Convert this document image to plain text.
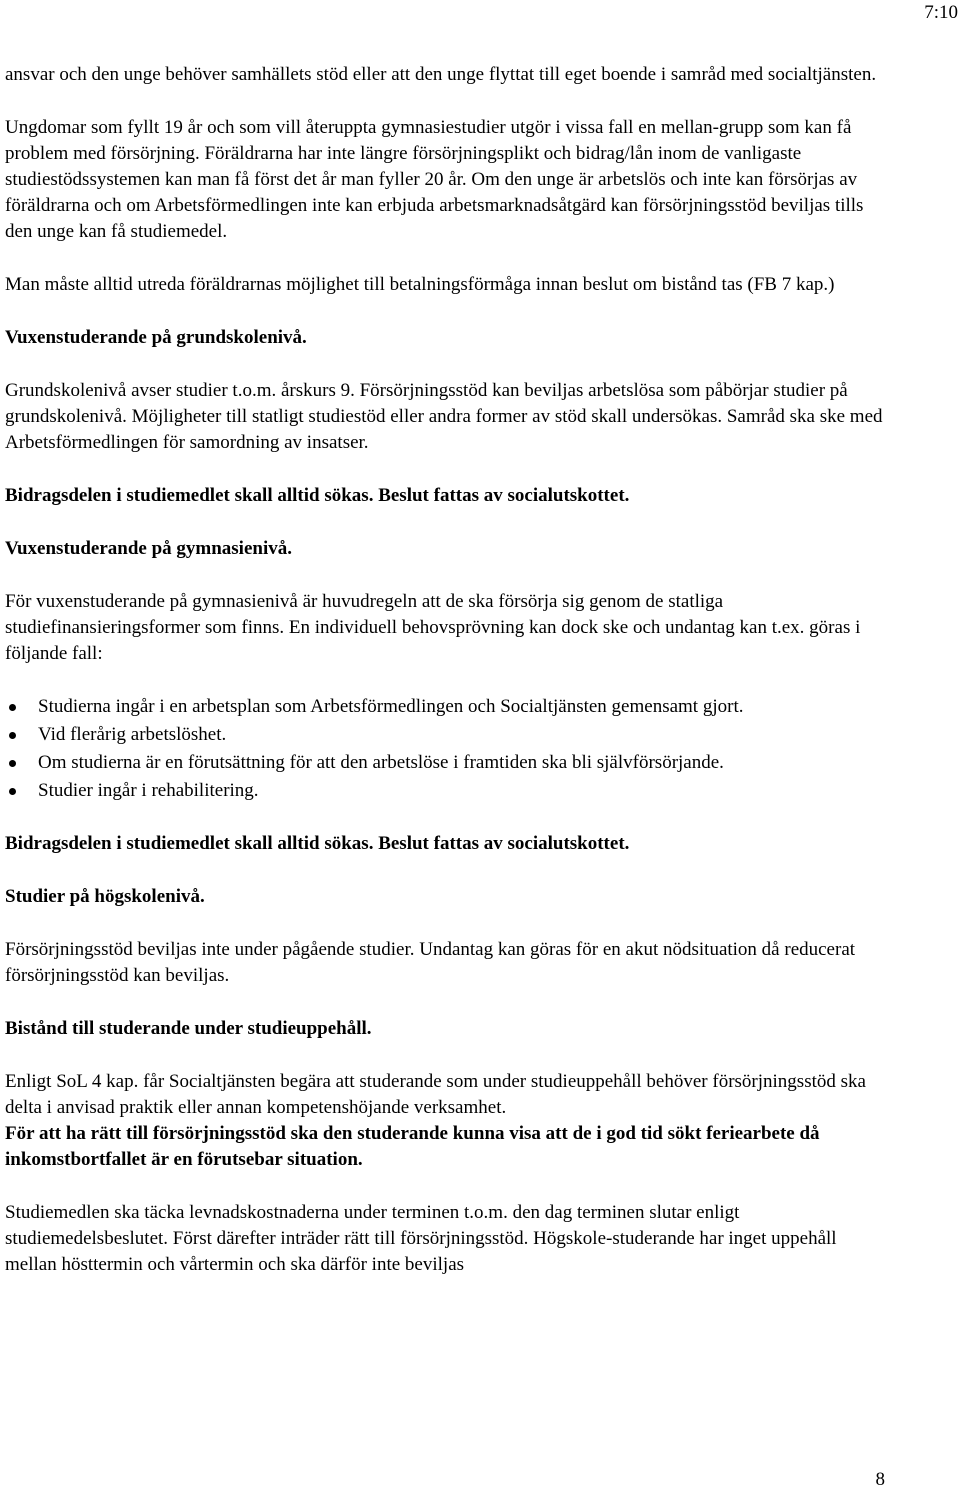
7:10

ansvar och den unge behöver samhällets stöd eller att den unge flyttat till eget boende i samråd med socialtjänsten.

Ungdomar som fyllt 19 år och som vill återuppta gymnasiestudier utgör i vissa fall en mellan-grupp som kan få problem med försörjning. Föräldrarna har inte längre försörjningsplikt och bidrag/lån inom de vanligaste studiestödssystemen kan man få först det år man fyller 20 år. Om den unge är arbetslös och inte kan försörjas av föräldrarna och om Arbetsförmedlingen inte kan erbjuda arbetsmarknadsåtgärd kan försörjningsstöd beviljas tills den unge kan få studiemedel.

Man måste alltid utreda föräldrarnas möjlighet till betalningsförmåga innan beslut om bistånd tas (FB 7 kap.)

Vuxenstuderande på grundskolenivå.

Grundskolenivå avser studier t.o.m. årskurs 9. Försörjningsstöd kan beviljas arbetslösa som påbörjar studier på grundskolenivå. Möjligheter till statligt studiestöd eller andra former av stöd skall undersökas. Samråd ska ske med Arbetsförmedlingen för samordning av insatser.

Bidragsdelen i studiemedlet skall alltid sökas. Beslut fattas av socialutskottet.

Vuxenstuderande på gymnasienivå.

För vuxenstuderande på gymnasienivå är huvudregeln att de ska försörja sig genom de statliga studiefinansieringsformer som finns. En individuell behovsprövning kan dock ske och undantag kan t.ex. göras i följande fall:

Studierna ingår i en arbetsplan som Arbetsförmedlingen och Socialtjänsten gemensamt gjort.
Vid flerårig arbetslöshet.
Om studierna är en förutsättning för att den arbetslöse i framtiden ska bli självförsörjande.
Studier ingår i rehabilitering.

Bidragsdelen i studiemedlet skall alltid sökas. Beslut fattas av socialutskottet.

Studier på högskolenivå.

Försörjningsstöd beviljas inte under pågående studier. Undantag kan göras för en akut nödsituation då reducerat försörjningsstöd kan beviljas.

Bistånd till studerande under studieuppehåll.

Enligt SoL 4 kap. får Socialtjänsten begära att studerande som under studieuppehåll behöver försörjningsstöd ska delta i anvisad praktik eller annan kompetenshöjande verksamhet.

För att ha rätt till försörjningsstöd ska den studerande kunna visa att de i god tid sökt feriearbete då inkomstbortfallet är en förutsebar situation.

Studiemedlen ska täcka levnadskostnaderna under terminen t.o.m. den dag terminen slutar enligt studiemedelsbeslutet. Först därefter inträder rätt till försörjningsstöd. Högskole-studerande har inget uppehåll mellan hösttermin och vårtermin och ska därför inte beviljas

8
